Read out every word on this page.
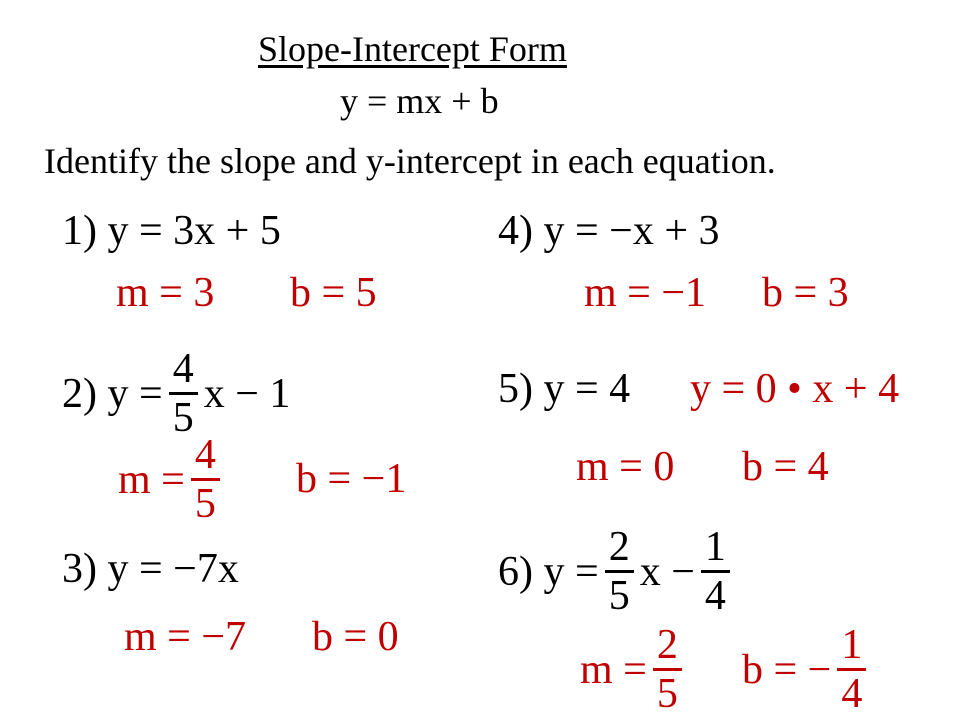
Slope-Intercept Form
y = mx + b
Identify the slope and y-intercept in each equation.
1) y = 3x + 5
m = 3 b = 5
2) $y = \frac{4}{5}$ x − 1
$m = \frac{4}{5}$ b = −1
3) y = −7x
m = −7 b = 0
4) y = −x + 3
m = −1 b = 3
5) y = 4 y = 0 • x + 4
m = 0 b = 4
6) $y = \frac{2}{5}$ $x - \frac{1}{4}$
$m = \frac{2}{5}$ b = − $\frac{1}{4}$
